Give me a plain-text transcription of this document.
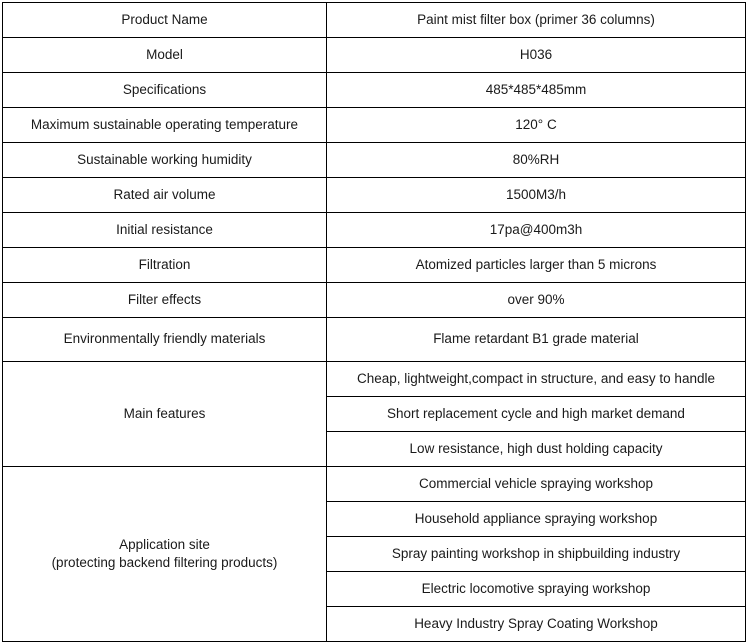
Product Name	Paint mist filter box (primer 36 columns)
Model	H036
Specifications	485*485*485mm
Maximum sustainable operating temperature	120° C
Sustainable working humidity	80%RH
Rated air volume	1500M3/h
Initial resistance	17pa@400m3h
Filtration	Atomized particles larger than 5 microns
Filter effects	over 90%
Environmentally friendly materials	Flame retardant B1 grade material
Main features	Cheap, lightweight,compact in structure, and easy to handle
	Short replacement cycle and high market demand
	Low resistance, high dust holding capacity

Application site
(protecting backend filtering products)	Commercial vehicle spraying workshop
	Household appliance spraying workshop
	Spray painting workshop in shipbuilding industry
	Electric locomotive spraying workshop
	Heavy Industry Spray Coating Workshop
